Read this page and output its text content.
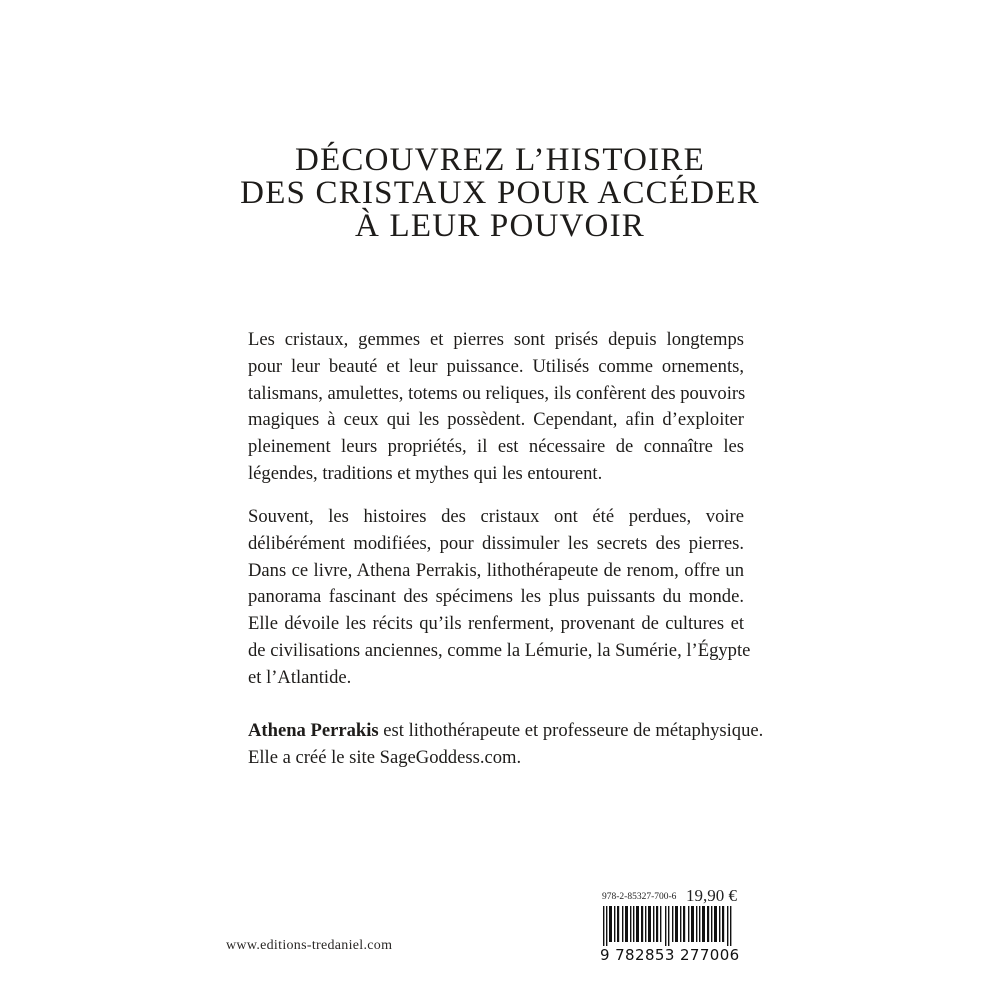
DÉCOUVREZ L’HISTOIRE
DES CRISTAUX POUR ACCÉDER
À LEUR POUVOIR
Les cristaux, gemmes et pierres sont prisés depuis longtemps
pour leur beauté et leur puissance. Utilisés comme ornements,
talismans, amulettes, totems ou reliques, ils confèrent des pouvoirs
magiques à ceux qui les possèdent. Cependant, afin d’exploiter
pleinement leurs propriétés, il est nécessaire de connaître les
légendes, traditions et mythes qui les entourent.
Souvent, les histoires des cristaux ont été perdues, voire
délibérément modifiées, pour dissimuler les secrets des pierres.
Dans ce livre, Athena Perrakis, lithothérapeute de renom, offre un
panorama fascinant des spécimens les plus puissants du monde.
Elle dévoile les récits qu’ils renferment, provenant de cultures et
de civilisations anciennes, comme la Lémurie, la Sumérie, l’Égypte
et l’Atlantide.
Athena Perrakis est lithothérapeute et professeure de métaphysique.
Elle a créé le site SageGoddess.com.
www.editions-tredaniel.com
978-2-85327-700-6 19,90 €
9 782853 277006
